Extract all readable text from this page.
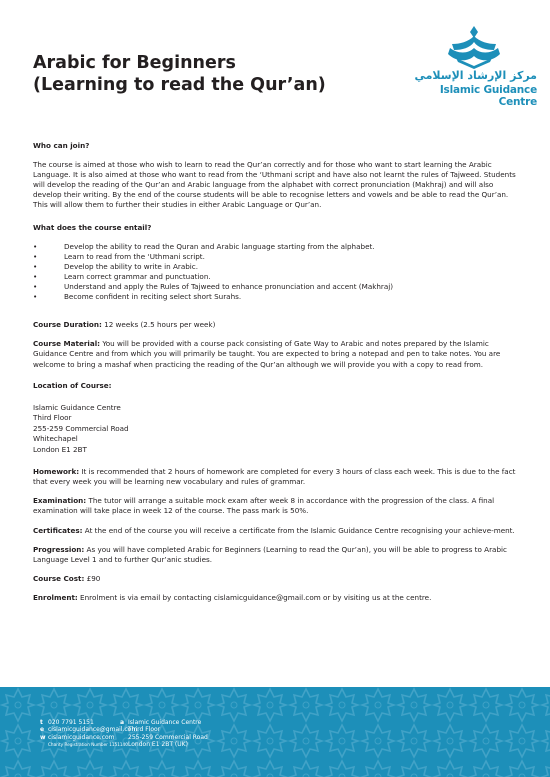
Arabic for Beginners
(Learning to read the Qur’an)	مركز الإرشاد الإسلامي
Islamic Guidance Centre

Who can join?

The course is aimed at those who wish to learn to read the Qur’an correctly and for those who want to start learning the Arabic Language. It is also aimed at those who want to read from the ‘Uthmani script and have also not learnt the rules of Tajweed. Students will develop the reading of the Qur’an and Arabic language from the alphabet with correct pronunciation (Makhraj) and will also develop their writing. By the end of the course students will be able to recognise letters and vowels and be able to read the Qur’an. This will allow them to further their studies in either Arabic Language or Qur’an.

What does the course entail?

• Develop the ability to read the Quran and Arabic language starting from the alphabet.
• Learn to read from the ‘Uthmani script.
• Develop the ability to write in Arabic.
• Learn correct grammar and punctuation.
• Understand and apply the Rules of Tajweed to enhance pronunciation and accent (Makhraj)
• Become confident in reciting select short Surahs.

Course Duration: 12 weeks (2.5 hours per week)

Course Material: You will be provided with a course pack consisting of Gate Way to Arabic and notes prepared by the Islamic Guidance Centre and from which you will primarily be taught. You are expected to bring a notepad and pen to take notes. You are welcome to bring a mashaf when practicing the reading of the Qur’an although we will provide you with a copy to read from.

Location of Course:

Islamic Guidance Centre
Third Floor
255-259 Commercial Road
Whitechapel
London E1 2BT

Homework: It is recommended that 2 hours of homework are completed for every 3 hours of class each week. This is due to the fact that every week you will be learning new vocabulary and rules of grammar.

Examination: The tutor will arrange a suitable mock exam after week 8 in accordance with the progression of the class. A final examination will take place in week 12 of the course. The pass mark is 50%.

Certificates: At the end of the course you will receive a certificate from the Islamic Guidance Centre recognising your achieve-ment.

Progression: As you will have completed Arabic for Beginners (Learning to read the Qur’an), you will be able to progress to Arabic Language Level 1 and to further Qur’anic studies.

Course Cost: £90

Enrolment: Enrolment is via email by contacting cislamicguidance@gmail.com or by visiting us at the centre.

t 020 7791 5151
e cislamicguidance@gmail.com
w cislamicguidance.com
Charity Registration Number 1151140
a Islamic Guidance Centre
Third Floor
255-259 Commercial Road
London E1 2BT (UK)
